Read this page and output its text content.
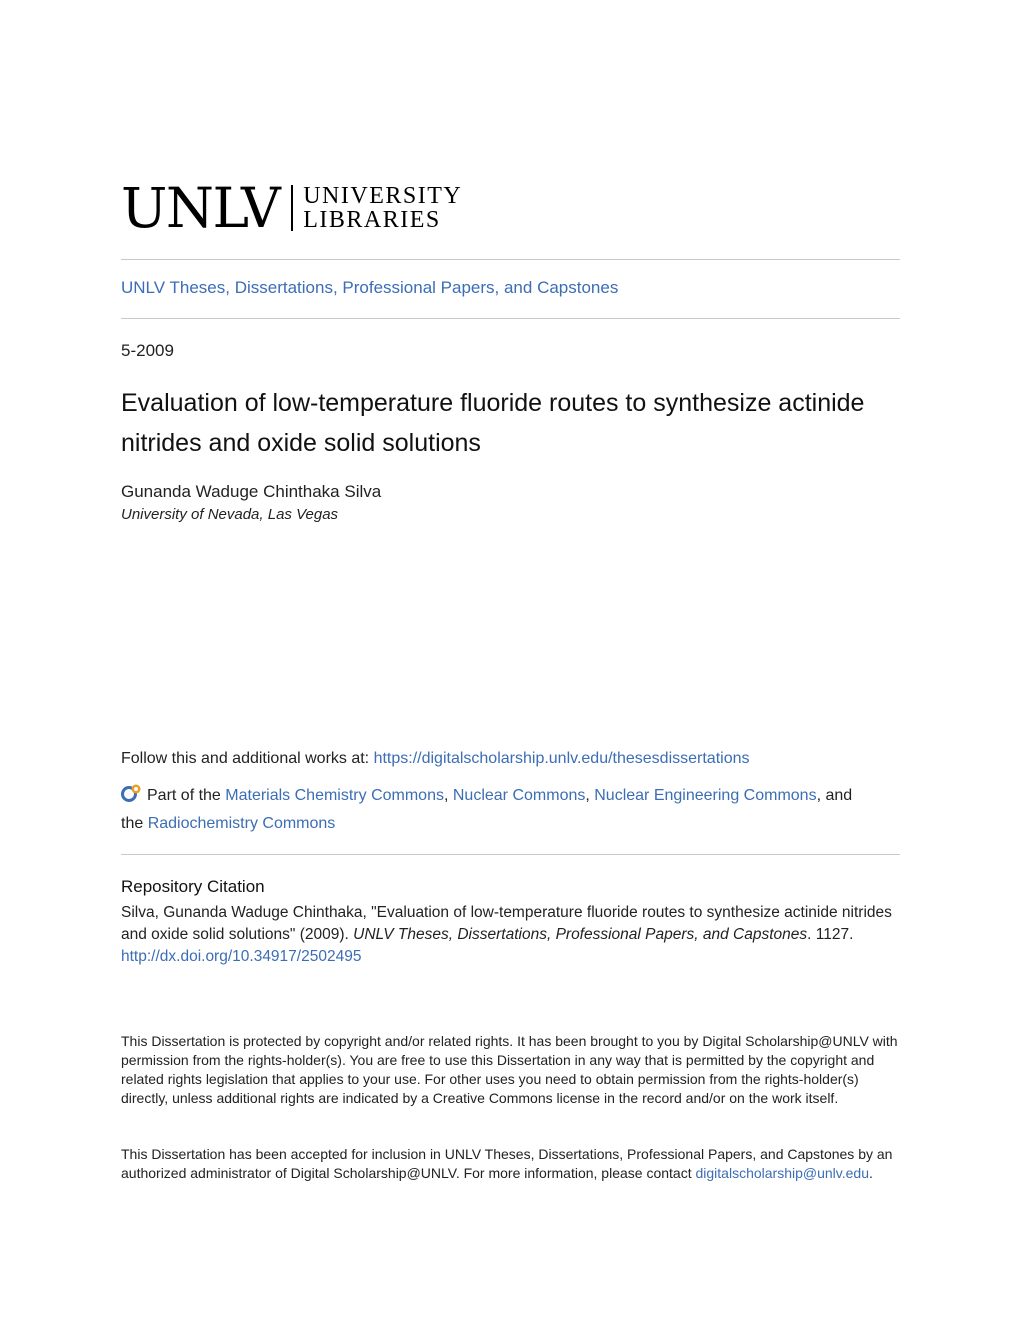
UNLV UNIVERSITY
LIBRARIES
UNLV Theses, Dissertations, Professional Papers, and Capstones
5-2009
Evaluation of low-temperature fluoride routes to synthesize actinide nitrides and oxide solid solutions
Gunanda Waduge Chinthaka Silva
University of Nevada, Las Vegas
Follow this and additional works at: https://digitalscholarship.unlv.edu/thesesdissertations
Part of the Materials Chemistry Commons, Nuclear Commons, Nuclear Engineering Commons, and
the Radiochemistry Commons
Repository Citation
Silva, Gunanda Waduge Chinthaka, "Evaluation of low-temperature fluoride routes to synthesize actinide nitrides and oxide solid solutions" (2009). UNLV Theses, Dissertations, Professional Papers, and Capstones. 1127.
http://dx.doi.org/10.34917/2502495
This Dissertation is protected by copyright and/or related rights. It has been brought to you by Digital Scholarship@UNLV with permission from the rights-holder(s). You are free to use this Dissertation in any way that is permitted by the copyright and related rights legislation that applies to your use. For other uses you need to obtain permission from the rights-holder(s) directly, unless additional rights are indicated by a Creative Commons license in the record and/or on the work itself.
This Dissertation has been accepted for inclusion in UNLV Theses, Dissertations, Professional Papers, and Capstones by an authorized administrator of Digital Scholarship@UNLV. For more information, please contact digitalscholarship@unlv.edu.
